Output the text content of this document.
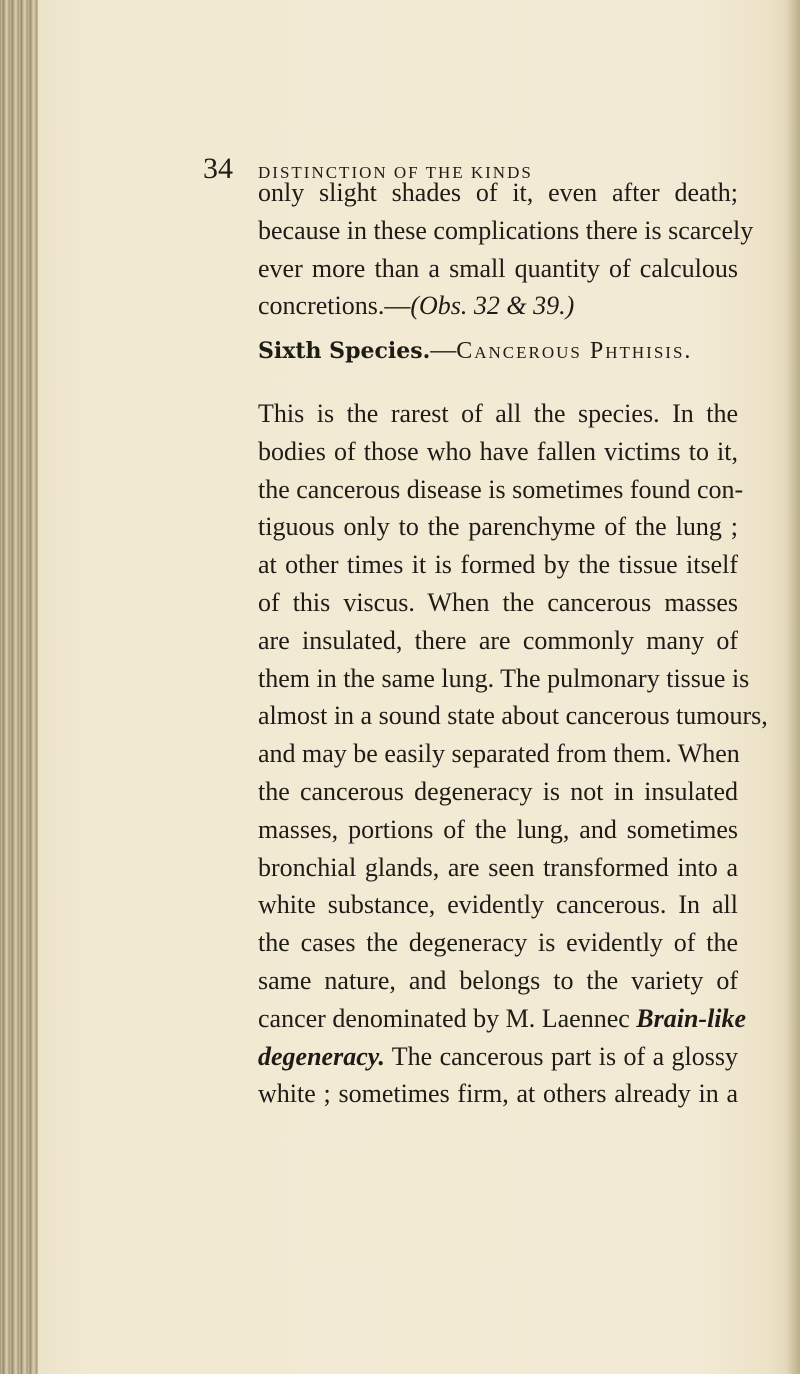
34 DISTINCTION OF THE KINDS

only slight shades of it, even after death;
because in these complications there is scarcely
ever more than a small quantity of calculous
concretions.—(Obs. 32 & 39.)

Sixth Species.—Cancerous Phthisis.

This is the rarest of all the species. In the
bodies of those who have fallen victims to it,
the cancerous disease is sometimes found con-
tiguous only to the parenchyme of the lung ;
at other times it is formed by the tissue itself
of this viscus. When the cancerous masses
are insulated, there are commonly many of
them in the same lung. The pulmonary tissue is
almost in a sound state about cancerous tumours,
and may be easily separated from them. When
the cancerous degeneracy is not in insulated
masses, portions of the lung, and sometimes
bronchial glands, are seen transformed into a
white substance, evidently cancerous. In all
the cases the degeneracy is evidently of the
same nature, and belongs to the variety of
cancer denominated by M. Laennec Brain-like
degeneracy. The cancerous part is of a glossy
white ; sometimes firm, at others already in a
